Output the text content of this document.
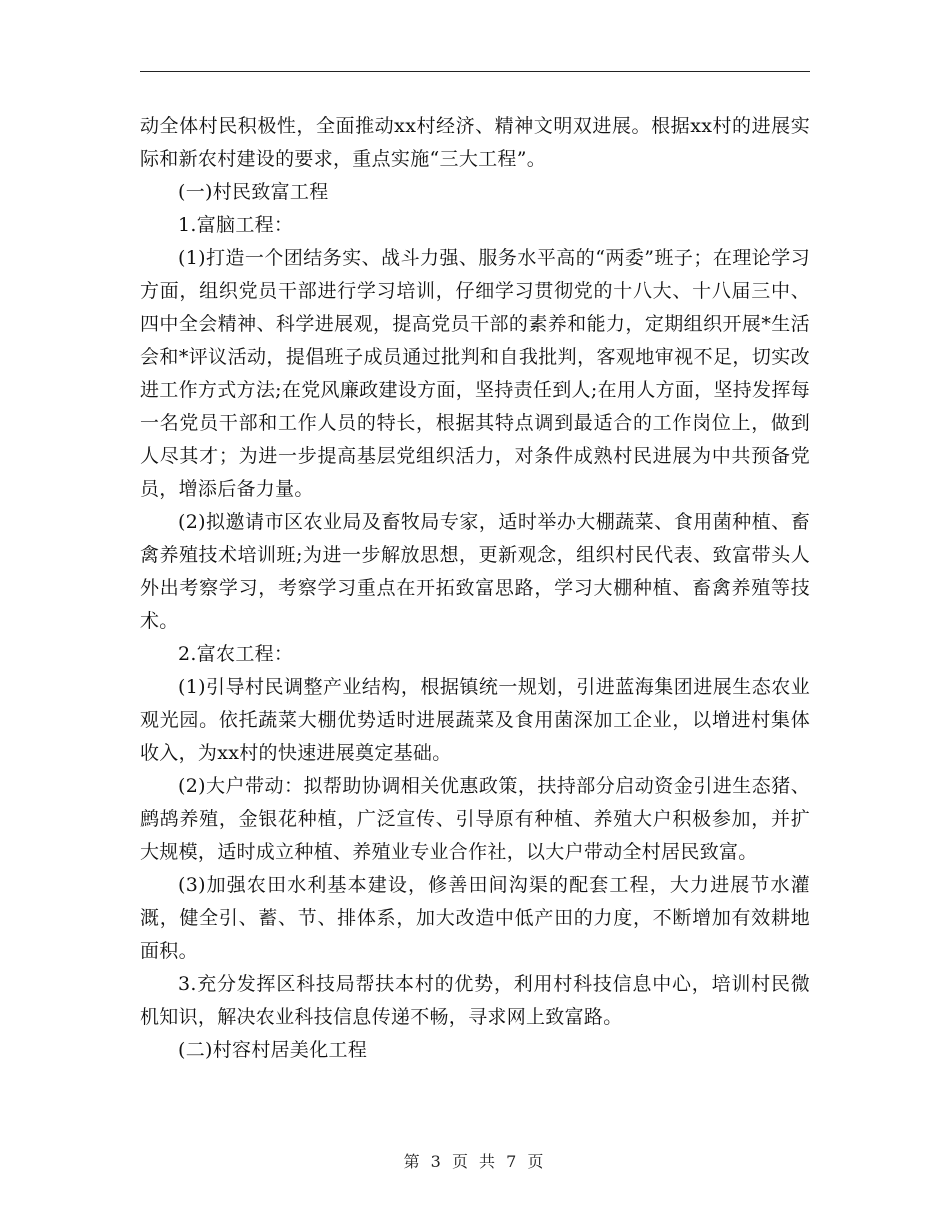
动全体村民积极性，全面推动xx村经济、精神文明双进展。根据xx村的进展实际和新农村建设的要求，重点实施“三大工程”。

(一)村民致富工程

1.富脑工程：

(1)打造一个团结务实、战斗力强、服务水平高的“两委”班子；在理论学习方面，组织党员干部进行学习培训，仔细学习贯彻党的十八大、十八届三中、四中全会精神、科学进展观，提高党员干部的素养和能力，定期组织开展*生活会和*评议活动，提倡班子成员通过批判和自我批判，客观地审视不足，切实改进工作方式方法;在党风廉政建设方面，坚持责任到人;在用人方面，坚持发挥每一名党员干部和工作人员的特长，根据其特点调到最适合的工作岗位上，做到人尽其才；为进一步提高基层党组织活力，对条件成熟村民进展为中共预备党员，增添后备力量。

(2)拟邀请市区农业局及畜牧局专家，适时举办大棚蔬菜、食用菌种植、畜禽养殖技术培训班;为进一步解放思想，更新观念，组织村民代表、致富带头人外出考察学习，考察学习重点在开拓致富思路，学习大棚种植、畜禽养殖等技术。

2.富农工程：

(1)引导村民调整产业结构，根据镇统一规划，引进蓝海集团进展生态农业观光园。依托蔬菜大棚优势适时进展蔬菜及食用菌深加工企业，以增进村集体收入，为xx村的快速进展奠定基础。

(2)大户带动：拟帮助协调相关优惠政策，扶持部分启动资金引进生态猪、鹧鸪养殖，金银花种植，广泛宣传、引导原有种植、养殖大户积极参加，并扩大规模，适时成立种植、养殖业专业合作社，以大户带动全村居民致富。

(3)加强农田水利基本建设，修善田间沟渠的配套工程，大力进展节水灌溉，健全引、蓄、节、排体系，加大改造中低产田的力度，不断增加有效耕地面积。

3.充分发挥区科技局帮扶本村的优势，利用村科技信息中心，培训村民微机知识，解决农业科技信息传递不畅，寻求网上致富路。

(二)村容村居美化工程

第 3 页 共 7 页
